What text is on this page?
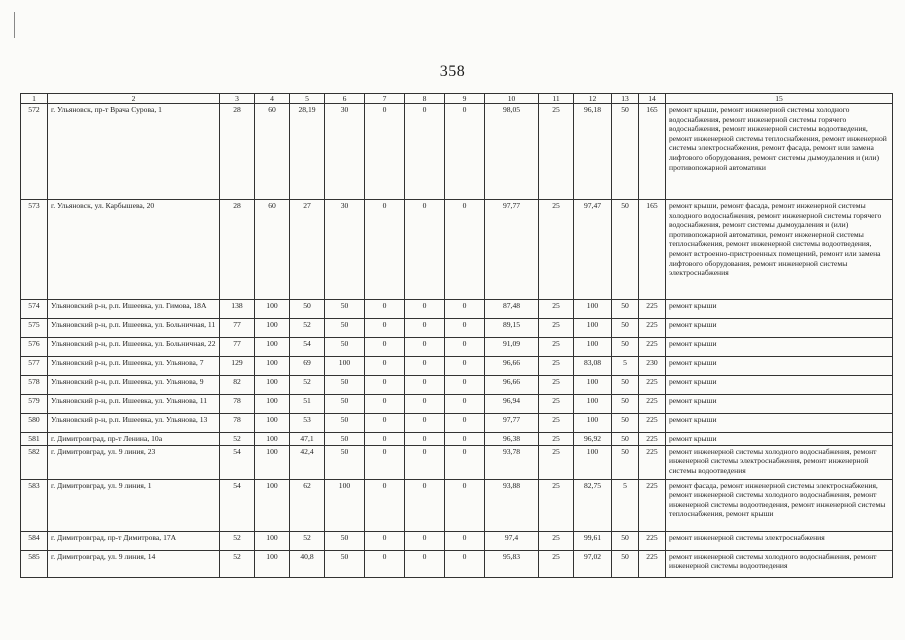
358
1	2	3	4	5	6	7	8	9	10	11	12	13	14	15
572	г. Ульяновск, пр-т Врача Сурова, 1	28	60	28,19	30	0	0	0	98,05	25	96,18	50	165	ремонт крыши, ремонт инженерной системы холодного водоснабжения, ремонт инженерной системы горячего водоснабжения, ремонт инженерной системы водоотведения, ремонт инженерной системы теплоснабжения, ремонт инженерной системы электроснабжения, ремонт фасада, ремонт или замена лифтового оборудования, ремонт системы дымоудаления и (или) противопожарной автоматики
573	г. Ульяновск, ул. Карбышева, 20	28	60	27	30	0	0	0	97,77	25	97,47	50	165	ремонт крыши, ремонт фасада, ремонт инженерной системы холодного водоснабжения, ремонт инженерной системы горячего водоснабжения, ремонт системы дымоудаления и (или) противопожарной автоматики, ремонт инженерной системы теплоснабжения, ремонт инженерной системы водоотведения, ремонт встроенно-пристроенных помещений, ремонт или замена лифтового оборудования, ремонт инженерной системы электроснабжения
574	Ульяновский р-н, р.п. Ишеевка, ул. Гимова, 18А	138	100	50	50	0	0	0	87,48	25	100	50	225	ремонт крыши
575	Ульяновский р-н, р.п. Ишеевка, ул. Больничная, 11	77	100	52	50	0	0	0	89,15	25	100	50	225	ремонт крыши
576	Ульяновский р-н, р.п. Ишеевка, ул. Больничная, 22	77	100	54	50	0	0	0	91,09	25	100	50	225	ремонт крыши
577	Ульяновский р-н, р.п. Ишеевка, ул. Ульянова, 7	129	100	69	100	0	0	0	96,66	25	83,08	5	230	ремонт крыши
578	Ульяновский р-н, р.п. Ишеевка, ул. Ульянова, 9	82	100	52	50	0	0	0	96,66	25	100	50	225	ремонт крыши
579	Ульяновский р-н, р.п. Ишеевка, ул. Ульянова, 11	78	100	51	50	0	0	0	96,94	25	100	50	225	ремонт крыши
580	Ульяновский р-н, р.п. Ишеевка, ул. Ульянова, 13	78	100	53	50	0	0	0	97,77	25	100	50	225	ремонт крыши
581	г. Димитровград, пр-т Ленина, 10а	52	100	47,1	50	0	0	0	96,38	25	96,92	50	225	ремонт крыши
582	г. Димитровград, ул. 9 линия, 23	54	100	42,4	50	0	0	0	93,78	25	100	50	225	ремонт инженерной системы холодного водоснабжения, ремонт инженерной системы электроснабжения, ремонт инженерной системы водоотведения
583	г. Димитровград, ул. 9 линия, 1	54	100	62	100	0	0	0	93,88	25	82,75	5	225	ремонт фасада, ремонт инженерной системы электроснабжения, ремонт инженерной системы холодного водоснабжения, ремонт инженерной системы водоотведения, ремонт инженерной системы теплоснабжения, ремонт крыши
584	г. Димитровград, пр-т Димитрова, 17А	52	100	52	50	0	0	0	97,4	25	99,61	50	225	ремонт инженерной системы электроснабжения
585	г. Димитровград, ул. 9 линия, 14	52	100	40,8	50	0	0	0	95,83	25	97,02	50	225	ремонт инженерной системы холодного водоснабжения, ремонт инженерной системы водоотведения
